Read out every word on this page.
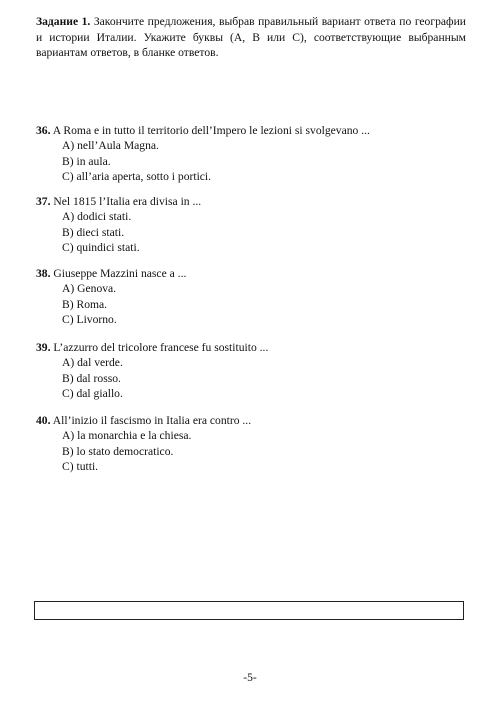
Задание 1. Закончите предложения, выбрав правильный вариант ответа по географии и истории Италии. Укажите буквы (A, B или C), соответствующие выбранным вариантам ответов, в бланке ответов.
36. A Roma e in tutto il territorio dell’Impero le lezioni si svolgevano ...
A) nell’Aula Magna.
B) in aula.
C) all’aria aperta, sotto i portici.
37. Nel 1815 l’Italia era divisa in ...
A) dodici stati.
B) dieci stati.
C) quindici stati.
38. Giuseppe Mazzini nasce a ...
A) Genova.
B) Roma.
C) Livorno.
39. L’azzurro del tricolore francese fu sostituito ...
A) dal verde.
B) dal rosso.
C) dal giallo.
40. All’inizio il fascismo in Italia era contro ...
A) la monarchia e la chiesa.
B) lo stato democratico.
C) tutti.
-5-
